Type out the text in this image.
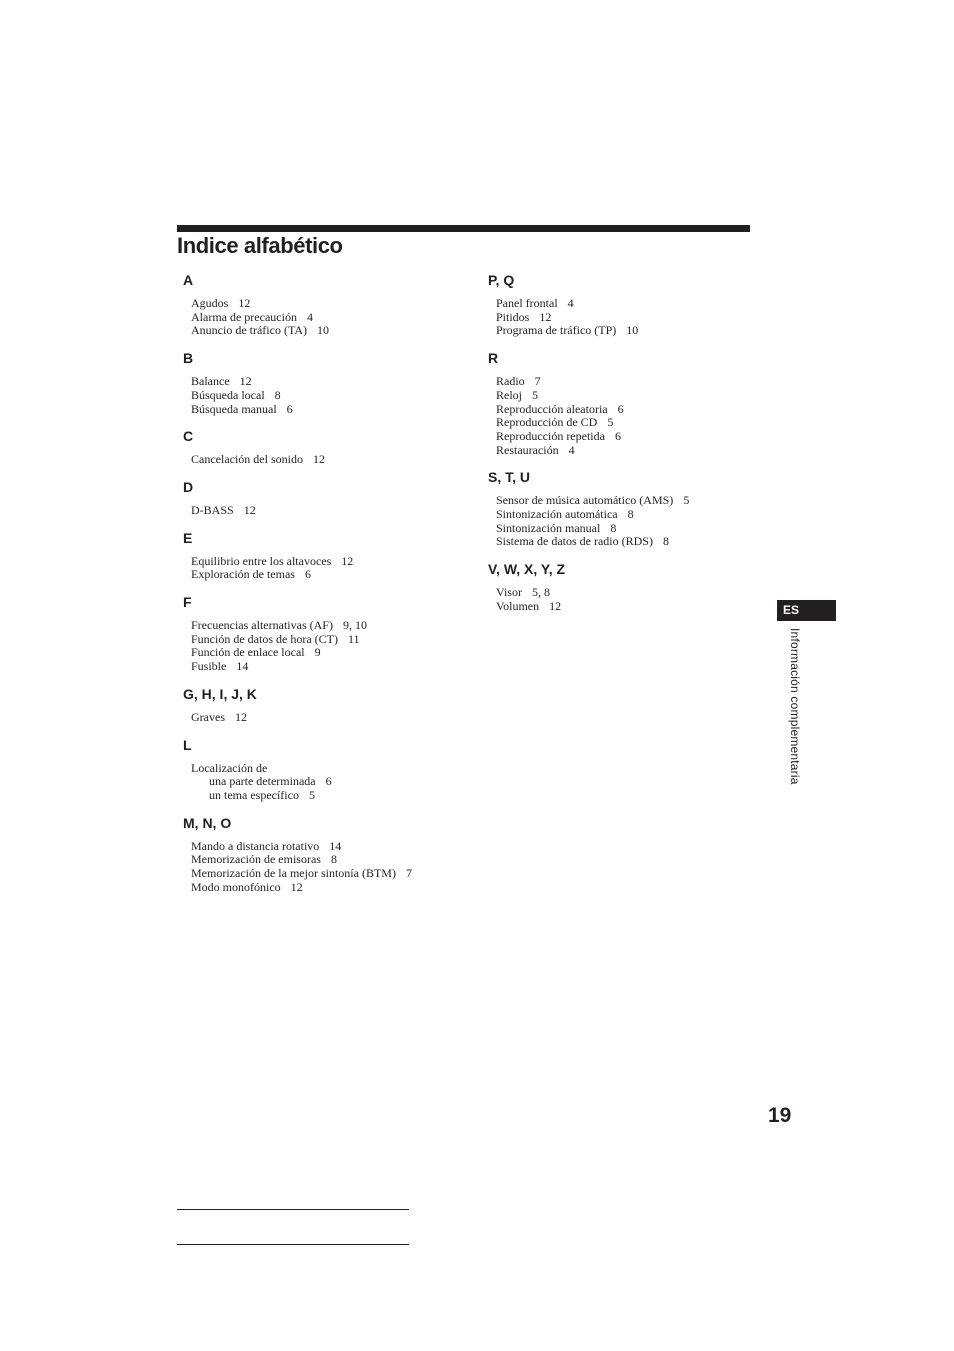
Indice alfabético
A
Agudos 12
Alarma de precaución 4
Anuncio de tráfico (TA) 10
B
Balance 12
Búsqueda local 8
Búsqueda manual 6
C
Cancelación del sonido 12
D
D-BASS 12
E
Equilibrio entre los altavoces 12
Exploración de temas 6
F
Frecuencias alternativas (AF) 9, 10
Función de datos de hora (CT) 11
Función de enlace local 9
Fusible 14
G, H, I, J, K
Graves 12
L
Localización de
una parte determinada 6
un tema específico 5
M, N, O
Mando a distancia rotativo 14
Memorización de emisoras 8
Memorización de la mejor sintonía (BTM) 7
Modo monofónico 12
P, Q
Panel frontal 4
Pitidos 12
Programa de tráfico (TP) 10
R
Radio 7
Reloj 5
Reproducción aleatoria 6
Reproducción de CD 5
Reproducción repetida 6
Restauración 4
S, T, U
Sensor de música automático (AMS) 5
Sintonización automática 8
Sintonización manual 8
Sistema de datos de radio (RDS) 8
V, W, X, Y, Z
Visor 5, 8
Volumen 12	ES
Información complementaria
19
